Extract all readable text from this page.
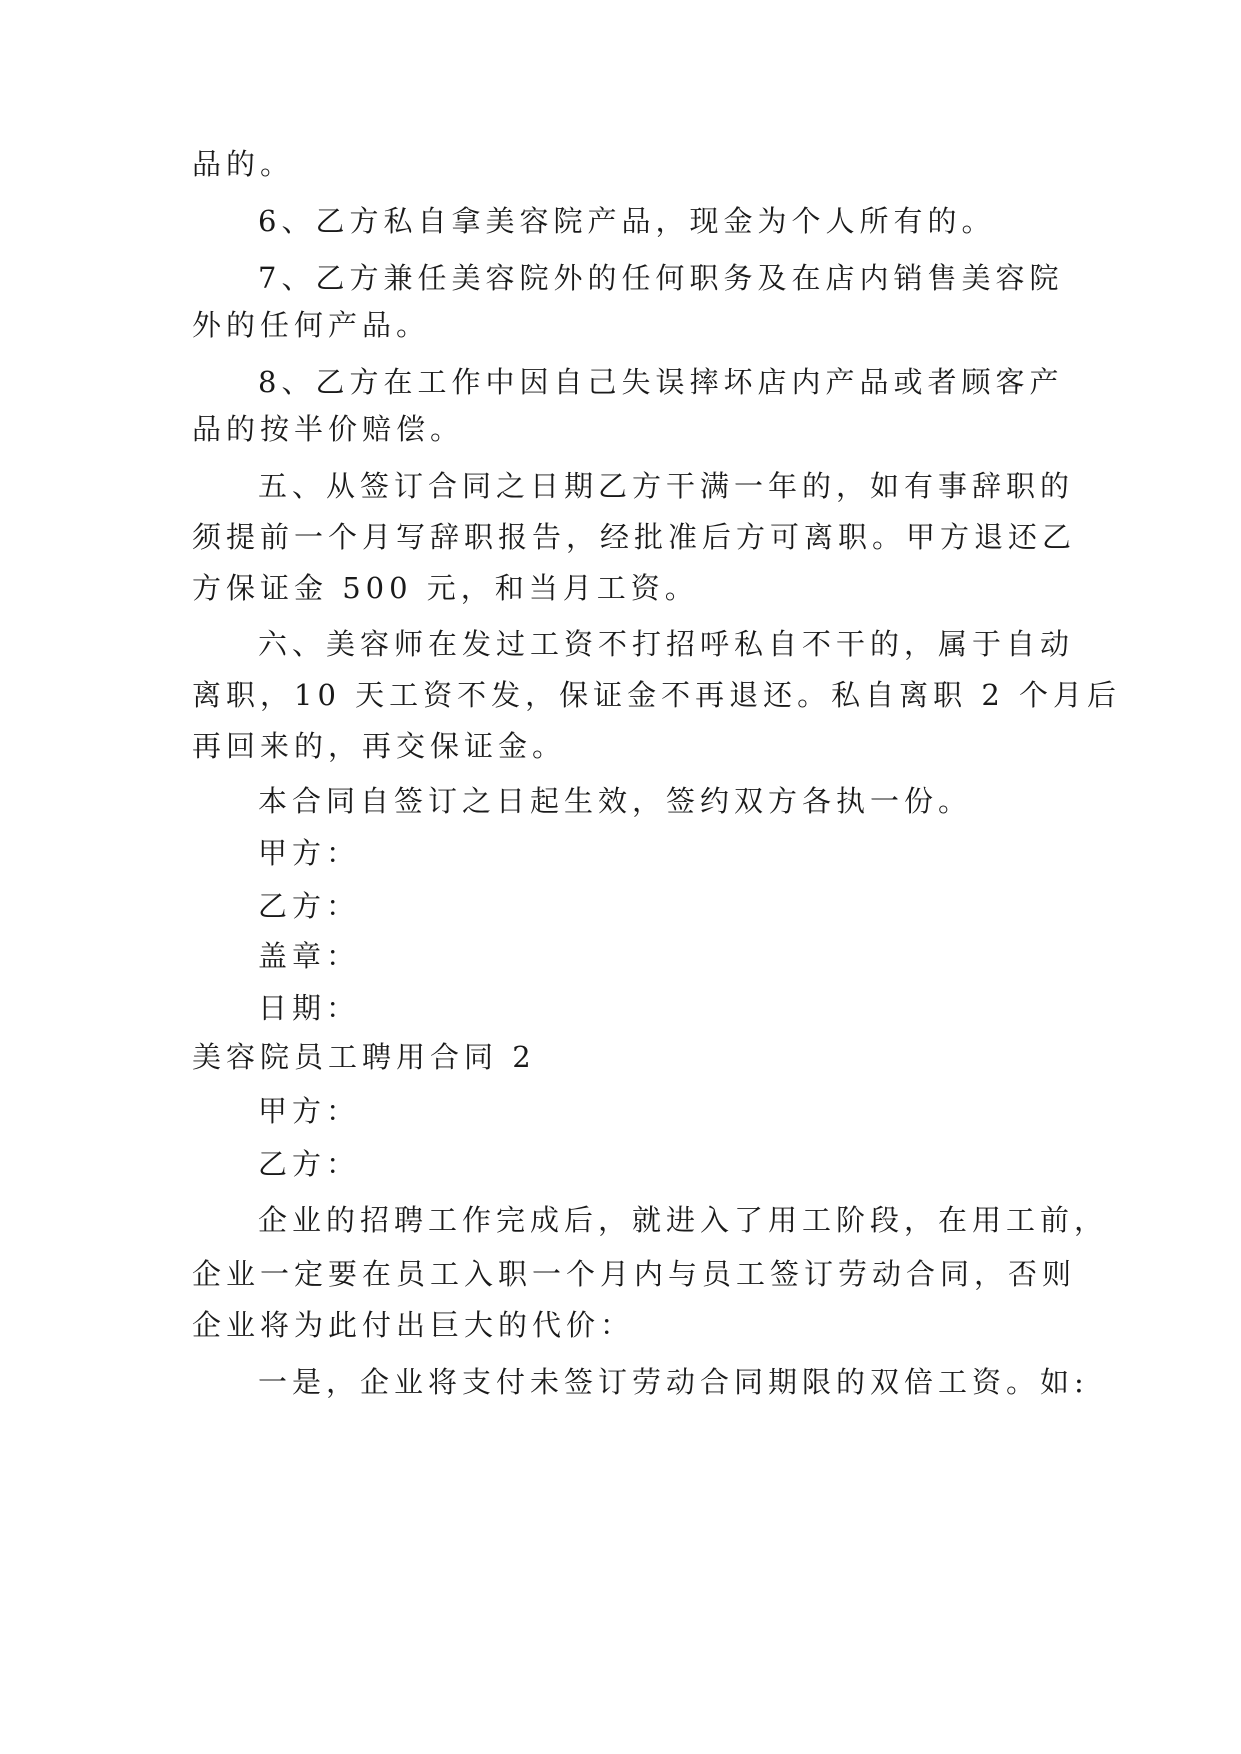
品的。
6、乙方私自拿美容院产品，现金为个人所有的。
7、乙方兼任美容院外的任何职务及在店内销售美容院
外的任何产品。
8、乙方在工作中因自己失误摔坏店内产品或者顾客产
品的按半价赔偿。
五、从签订合同之日期乙方干满一年的，如有事辞职的
须提前一个月写辞职报告，经批准后方可离职。甲方退还乙
方保证金 500 元，和当月工资。
六、美容师在发过工资不打招呼私自不干的，属于自动
离职，10 天工资不发，保证金不再退还。私自离职 2 个月后
再回来的，再交保证金。
本合同自签订之日起生效，签约双方各执一份。
甲方：
乙方：
盖章：
日期：
美容院员工聘用合同 2
甲方：
乙方：
企业的招聘工作完成后，就进入了用工阶段，在用工前，
企业一定要在员工入职一个月内与员工签订劳动合同，否则
企业将为此付出巨大的代价：
一是，企业将支付未签订劳动合同期限的双倍工资。如:
